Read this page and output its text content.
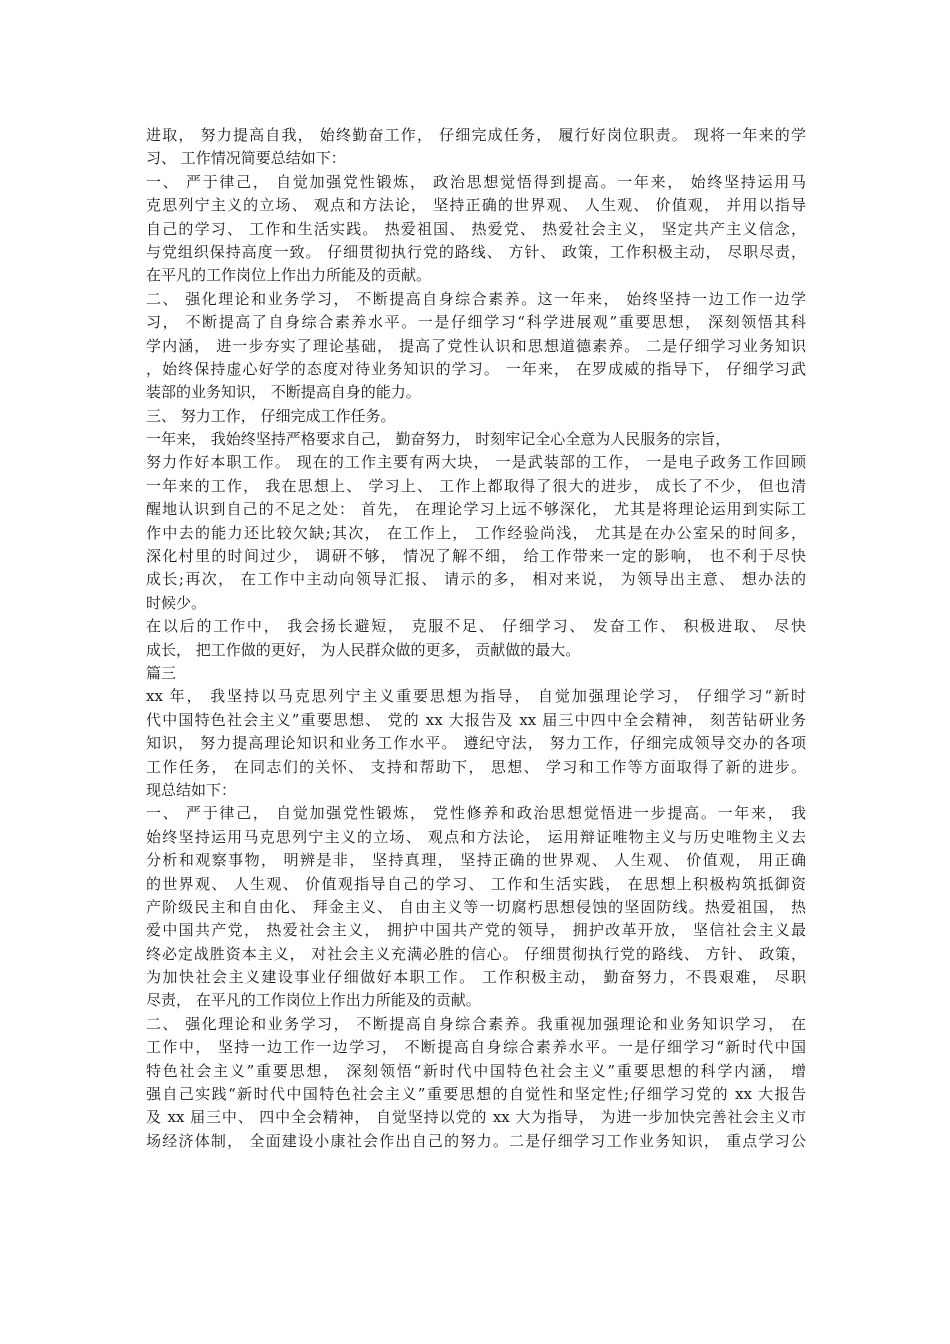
进取， 努力提高自我， 始终勤奋工作， 仔细完成任务， 履行好岗位职责。 现将一年来的学
习、 工作情况简要总结如下：
一、 严于律己， 自觉加强党性锻炼， 政治思想觉悟得到提高。一年来， 始终坚持运用马
克思列宁主义的立场、 观点和方法论， 坚持正确的世界观、 人生观、 价值观， 并用以指导
自己的学习、 工作和生活实践。 热爱祖国、 热爱党、 热爱社会主义， 坚定共产主义信念，
与党组织保持高度一致。 仔细贯彻执行党的路线、 方针、 政策，工作积极主动， 尽职尽责，
在平凡的工作岗位上作出力所能及的贡献。
二、 强化理论和业务学习， 不断提高自身综合素养。这一年来， 始终坚持一边工作一边学
习， 不断提高了自身综合素养水平。一是仔细学习“科学进展观”重要思想， 深刻领悟其科
学内涵， 进一步夯实了理论基础， 提高了党性认识和思想道德素养。 二是仔细学习业务知识
，始终保持虚心好学的态度对待业务知识的学习。 一年来， 在罗成威的指导下， 仔细学习武
装部的业务知识， 不断提高自身的能力。
三、 努力工作， 仔细完成工作任务。
一年来， 我始终坚持严格要求自己， 勤奋努力， 时刻牢记全心全意为人民服务的宗旨，
努力作好本职工作。 现在的工作主要有两大块， 一是武装部的工作， 一是电子政务工作回顾
一年来的工作， 我在思想上、 学习上、 工作上都取得了很大的进步， 成长了不少， 但也清
醒地认识到自己的不足之处： 首先， 在理论学习上远不够深化， 尤其是将理论运用到实际工
作中去的能力还比较欠缺;其次， 在工作上， 工作经验尚浅， 尤其是在办公室呆的时间多，
深化村里的时间过少， 调研不够， 情况了解不细， 给工作带来一定的影响， 也不利于尽快
成长;再次， 在工作中主动向领导汇报、 请示的多， 相对来说， 为领导出主意、 想办法的
时候少。
在以后的工作中， 我会扬长避短， 克服不足、 仔细学习、 发奋工作、 积极进取、 尽快
成长， 把工作做的更好， 为人民群众做的更多， 贡献做的最大。
篇三
xx 年， 我坚持以马克思列宁主义重要思想为指导， 自觉加强理论学习， 仔细学习“新时
代中国特色社会主义”重要思想、 党的 xx 大报告及 xx 届三中四中全会精神， 刻苦钻研业务
知识， 努力提高理论知识和业务工作水平。 遵纪守法， 努力工作，仔细完成领导交办的各项
工作任务， 在同志们的关怀、 支持和帮助下， 思想、 学习和工作等方面取得了新的进步。
现总结如下：
一、 严于律己， 自觉加强党性锻炼， 党性修养和政治思想觉悟进一步提高。一年来， 我
始终坚持运用马克思列宁主义的立场、 观点和方法论， 运用辩证唯物主义与历史唯物主义去
分析和观察事物， 明辨是非， 坚持真理， 坚持正确的世界观、 人生观、 价值观， 用正确
的世界观、 人生观、 价值观指导自己的学习、 工作和生活实践， 在思想上积极构筑抵御资
产阶级民主和自由化、 拜金主义、 自由主义等一切腐朽思想侵蚀的坚固防线。热爱祖国， 热
爱中国共产党， 热爱社会主义， 拥护中国共产党的领导， 拥护改革开放， 坚信社会主义最
终必定战胜资本主义， 对社会主义充满必胜的信心。 仔细贯彻执行党的路线、 方针、 政策，
为加快社会主义建设事业仔细做好本职工作。 工作积极主动， 勤奋努力，不畏艰难， 尽职
尽责， 在平凡的工作岗位上作出力所能及的贡献。
二、 强化理论和业务学习， 不断提高自身综合素养。我重视加强理论和业务知识学习， 在
工作中， 坚持一边工作一边学习， 不断提高自身综合素养水平。一是仔细学习“新时代中国
特色社会主义”重要思想， 深刻领悟“新时代中国特色社会主义”重要思想的科学内涵， 增
强自己实践“新时代中国特色社会主义”重要思想的自觉性和坚定性;仔细学习党的 xx 大报告
及 xx 届三中、 四中全会精神， 自觉坚持以党的 xx 大为指导， 为进一步加快完善社会主义市
场经济体制， 全面建设小康社会作出自己的努力。二是仔细学习工作业务知识， 重点学习公
